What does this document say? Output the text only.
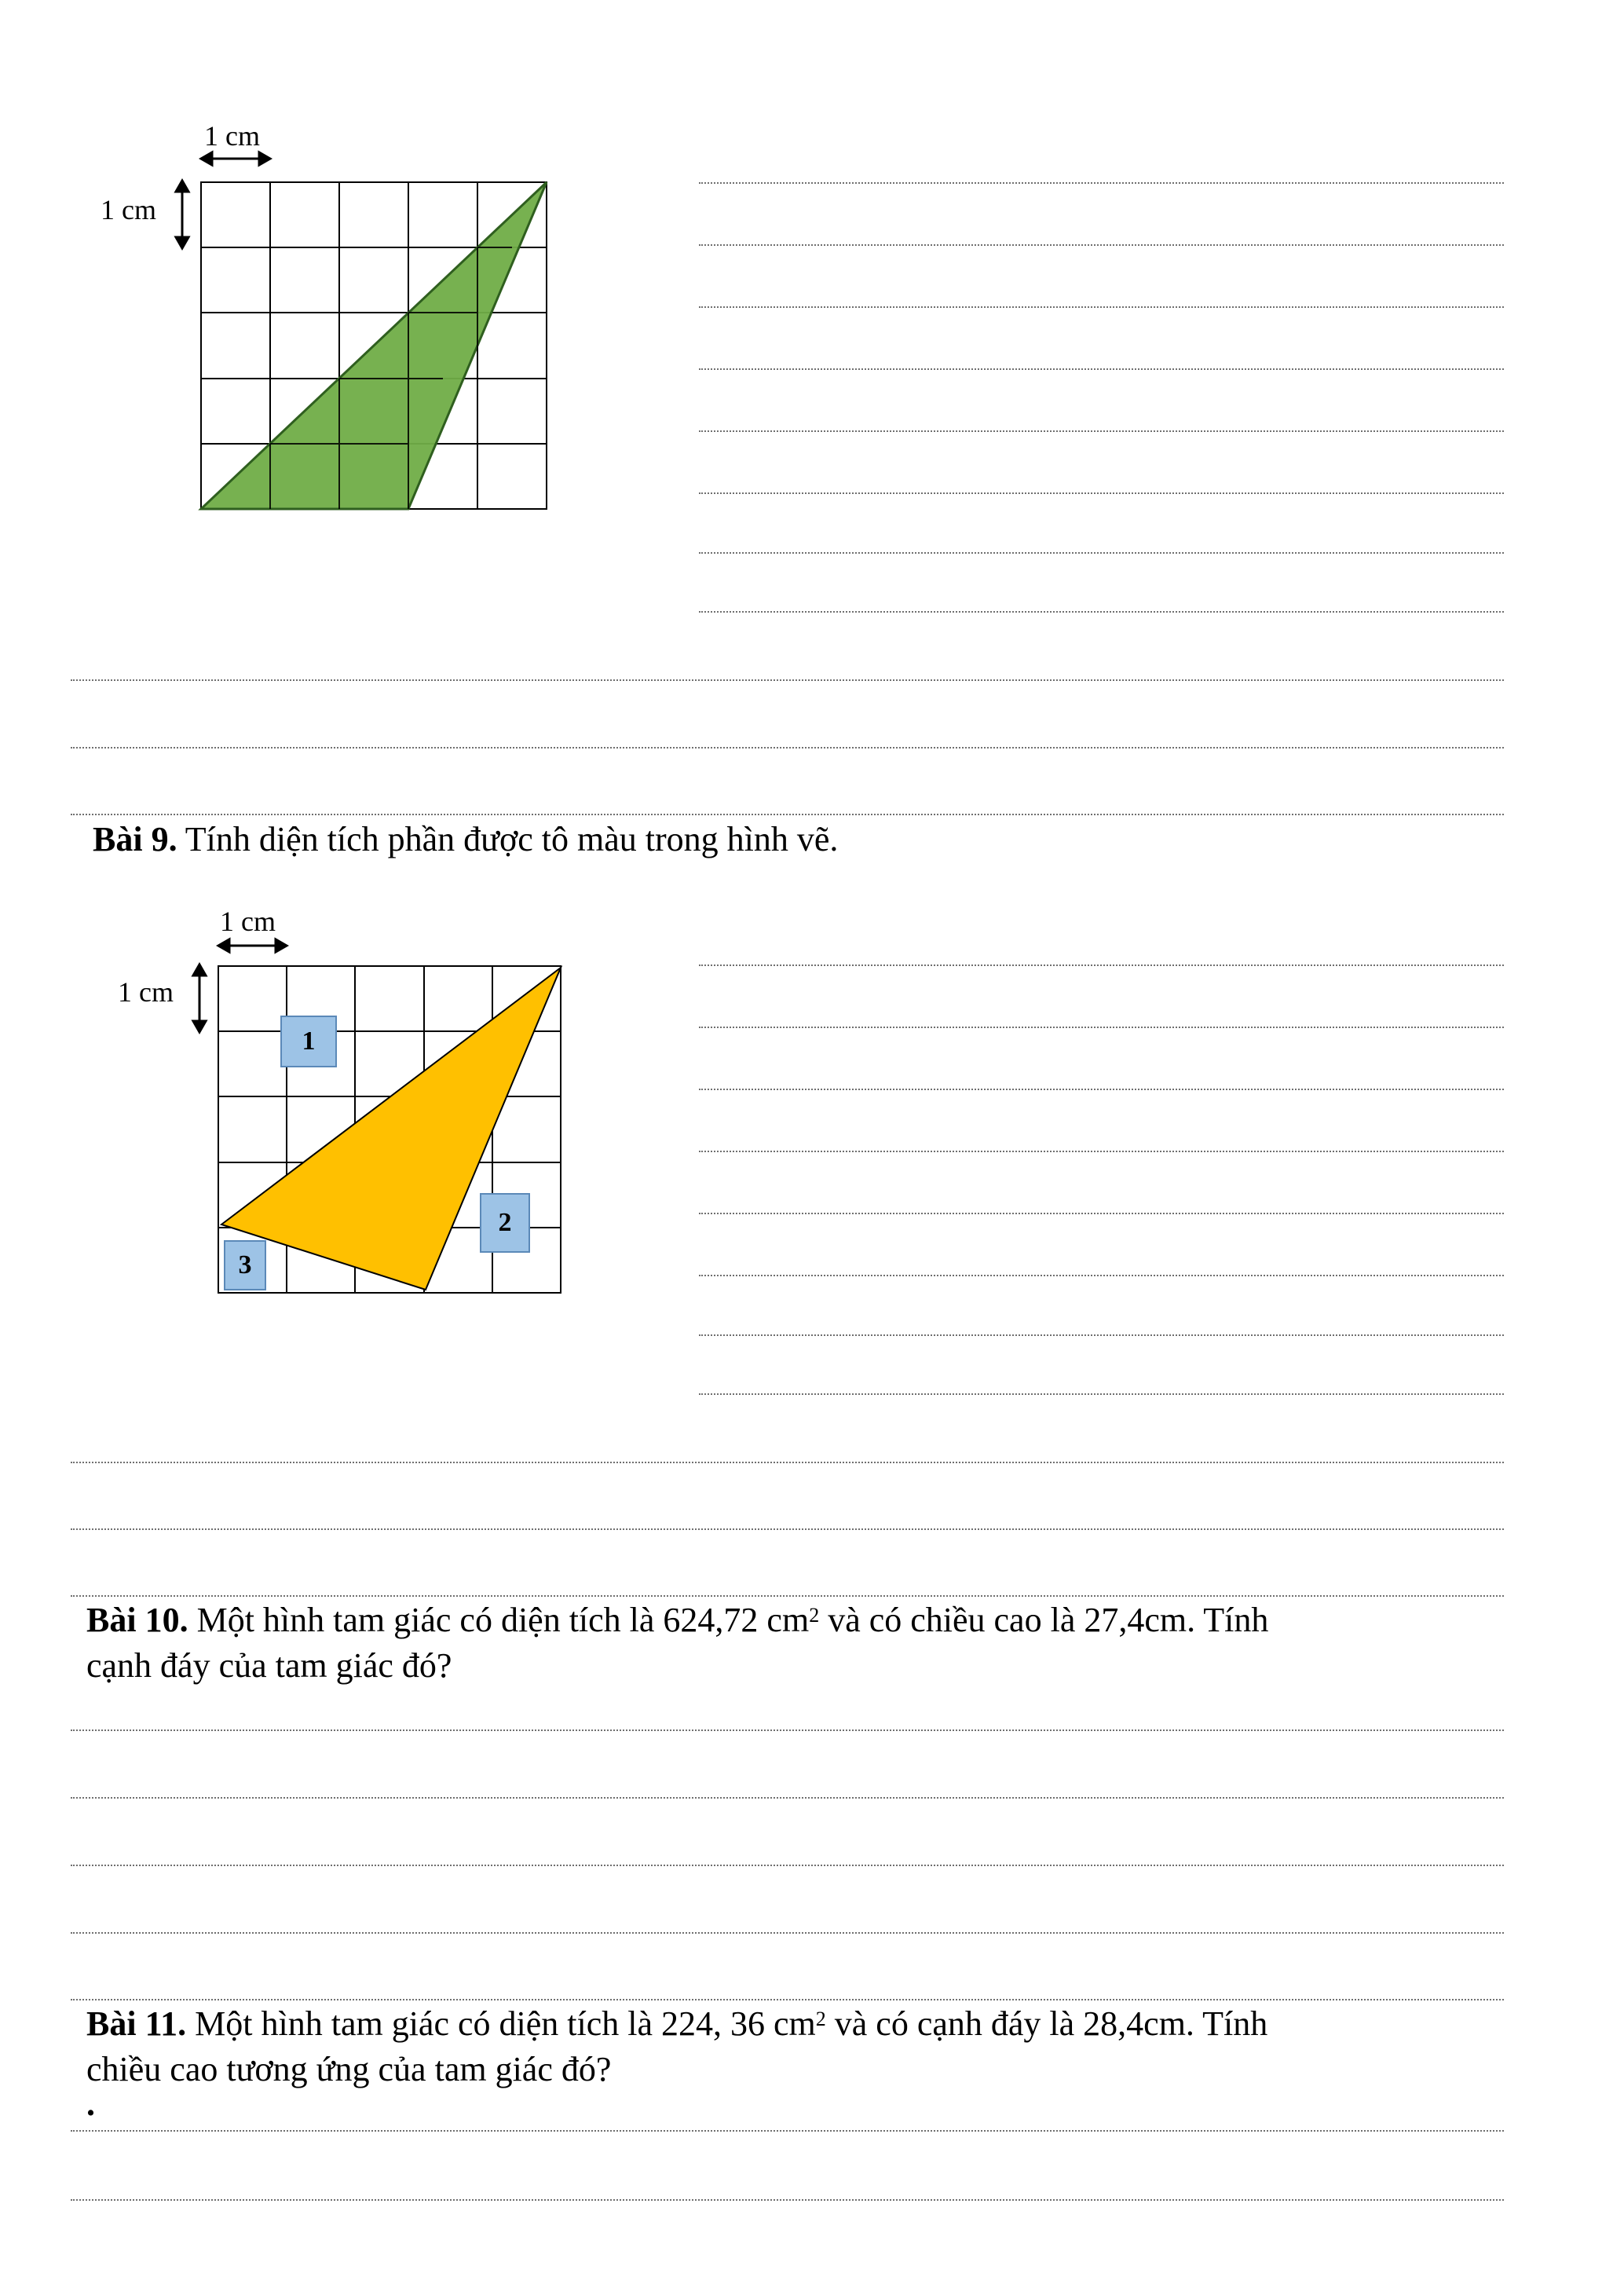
1 cm
1 cm
Bài 9. Tính diện tích phần được tô màu trong hình vẽ.
1 cm
1 cm
1
2
3
Bài 10. Một hình tam giác có diện tích là 624,72 $cm^2$ và có chiều cao là 27,4cm. Tính
cạnh đáy của tam giác đó?
Bài 11. Một hình tam giác có diện tích là 224, 36 $cm^2$ và có cạnh đáy là 28,4cm. Tính
chiều cao tương ứng của tam giác đó?
.
